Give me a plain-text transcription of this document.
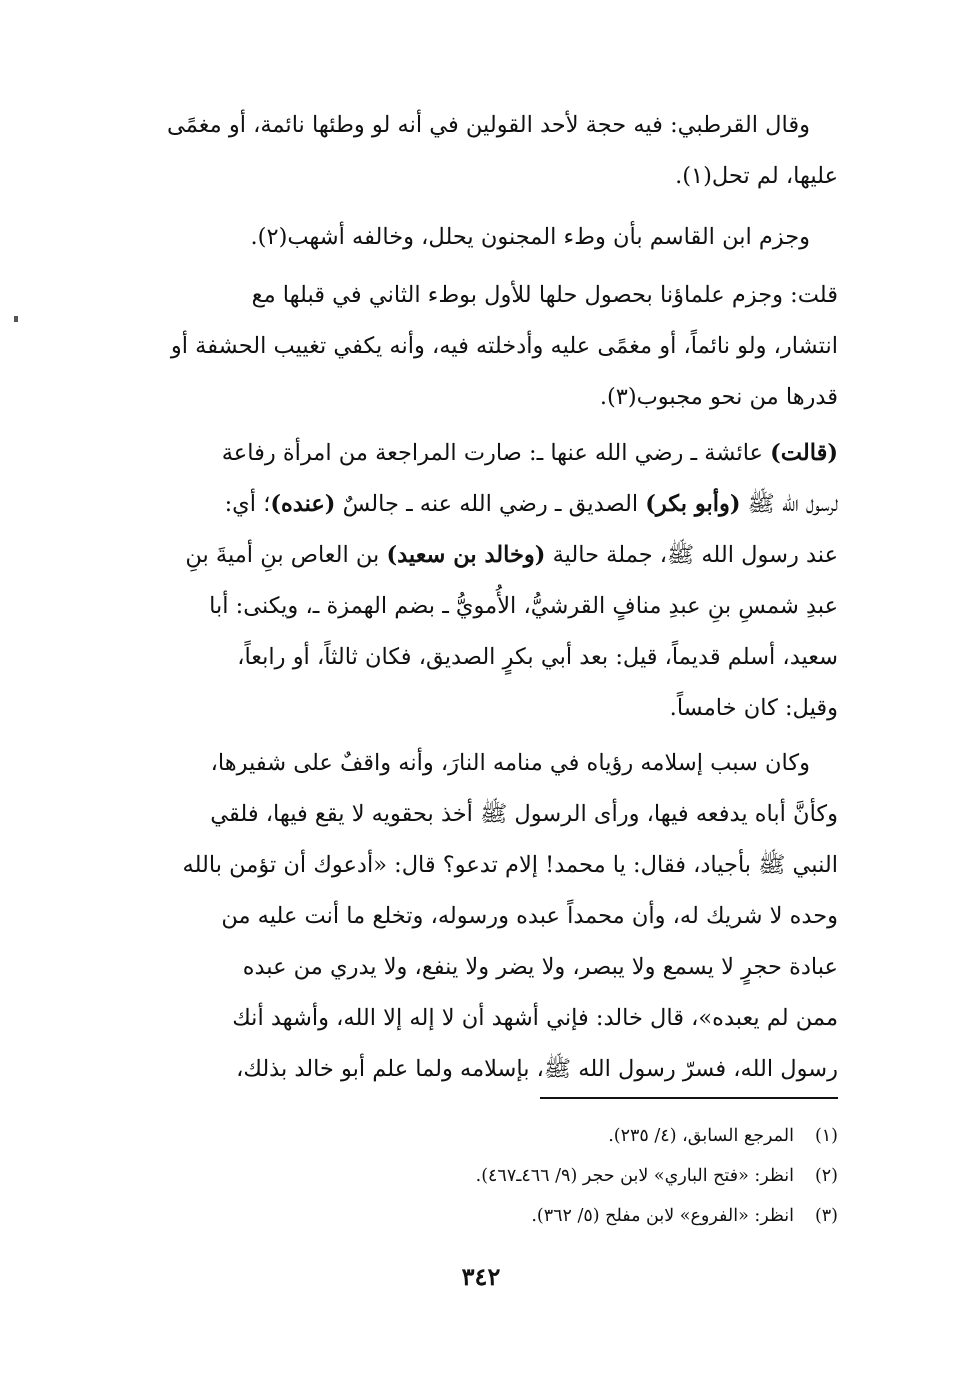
وقال القرطبي: فيه حجة لأحد القولين في أنه لو وطئها نائمة، أو مغمًى
عليها، لم تحل(١).
وجزم ابن القاسم بأن وطء المجنون يحلل، وخالفه أشهب(٢).
قلت: وجزم علماؤنا بحصول حلها للأول بوطء الثاني في قبلها مع
انتشار، ولو نائماً، أو مغمًى عليه وأدخلته فيه، وأنه يكفي تغييب الحشفة أو
قدرها من نحو مجبوب(٣).
(قالت) عائشة ـ رضي الله عنها ـ: صارت المراجعة من امرأة رفاعة
لرسول الله ﷺ (وأبو بكر) الصديق ـ رضي الله عنه ـ جالسٌ (عنده)؛ أي:
عند رسول الله ﷺ، جملة حالية (وخالد بن سعيد) بن العاص بنِ أميةَ بنِ
عبدِ شمسِ بنِ عبدِ منافٍ القرشيُّ، الأُمويُّ ـ بضم الهمزة ـ، ويكنى: أبا
سعيد، أسلم قديماً، قيل: بعد أبي بكرٍ الصديق، فكان ثالثاً، أو رابعاً،
وقيل: كان خامساً.
وكان سبب إسلامه رؤياه في منامه النارَ، وأنه واقفٌ على شفيرها،
وكأنَّ أباه يدفعه فيها، ورأى الرسول ﷺ أخذ بحقويه لا يقع فيها، فلقي
النبي ﷺ بأجياد، فقال: يا محمد! إلام تدعو؟ قال: «أدعوك أن تؤمن بالله
وحده لا شريك له، وأن محمداً عبده ورسوله، وتخلع ما أنت عليه من
عبادة حجرٍ لا يسمع ولا يبصر، ولا يضر ولا ينفع، ولا يدري من عبده
ممن لم يعبده»، قال خالد: فإني أشهد أن لا إله إلا الله، وأشهد أنك
رسول الله، فسرّ رسول الله ﷺ، بإسلامه ولما علم أبو خالد بذلك،
(١)المرجع السابق، (٤/ ٢٣٥).
(٢)انظر: «فتح الباري» لابن حجر (٩/ ٤٦٦ـ٤٦٧).
(٣)انظر: «الفروع» لابن مفلح (٥/ ٣٦٢).
٣٤٢
